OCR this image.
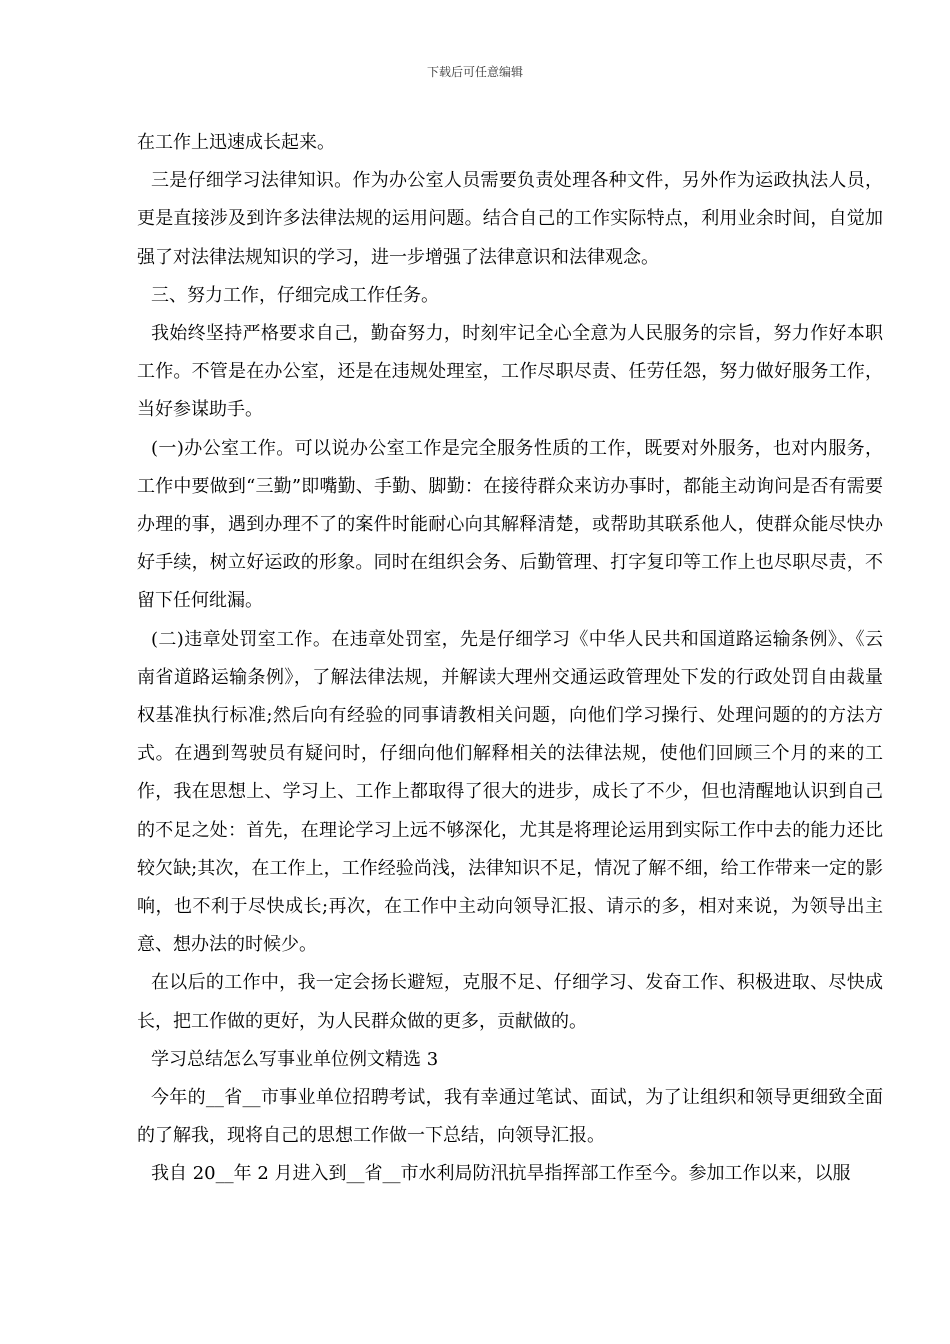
下载后可任意编辑

在工作上迅速成长起来。

三是仔细学习法律知识。作为办公室人员需要负责处理各种文件，另外作为运政执法人员，更是直接涉及到许多法律法规的运用问题。结合自己的工作实际特点，利用业余时间，自觉加强了对法律法规知识的学习，进一步增强了法律意识和法律观念。

三、努力工作，仔细完成工作任务。

我始终坚持严格要求自己，勤奋努力，时刻牢记全心全意为人民服务的宗旨，努力作好本职工作。不管是在办公室，还是在违规处理室，工作尽职尽责、任劳任怨，努力做好服务工作，当好参谋助手。

(一)办公室工作。可以说办公室工作是完全服务性质的工作，既要对外服务，也对内服务，工作中要做到“三勤”即嘴勤、手勤、脚勤：在接待群众来访办事时，都能主动询问是否有需要办理的事，遇到办理不了的案件时能耐心向其解释清楚，或帮助其联系他人，使群众能尽快办好手续，树立好运政的形象。同时在组织会务、后勤管理、打字复印等工作上也尽职尽责，不留下任何纰漏。

(二)违章处罚室工作。在违章处罚室，先是仔细学习《中华人民共和国道路运输条例》、《云南省道路运输条例》，了解法律法规，并解读大理州交通运政管理处下发的行政处罚自由裁量权基准执行标准;然后向有经验的同事请教相关问题，向他们学习操行、处理问题的的方法方式。在遇到驾驶员有疑问时，仔细向他们解释相关的法律法规，使他们回顾三个月的来的工作，我在思想上、学习上、工作上都取得了很大的进步，成长了不少，但也清醒地认识到自己的不足之处：首先，在理论学习上远不够深化，尤其是将理论运用到实际工作中去的能力还比较欠缺;其次，在工作上，工作经验尚浅，法律知识不足，情况了解不细，给工作带来一定的影响，也不利于尽快成长;再次，在工作中主动向领导汇报、请示的多，相对来说，为领导出主意、想办法的时候少。

在以后的工作中，我一定会扬长避短，克服不足、仔细学习、发奋工作、积极进取、尽快成长，把工作做的更好，为人民群众做的更多，贡献做的。

学习总结怎么写事业单位例文精选 3

今年的__省__市事业单位招聘考试，我有幸通过笔试、面试，为了让组织和领导更细致全面的了解我，现将自己的思想工作做一下总结，向领导汇报。

我自 20__年 2 月进入到__省__市水利局防汛抗旱指挥部工作至今。参加工作以来，以服
